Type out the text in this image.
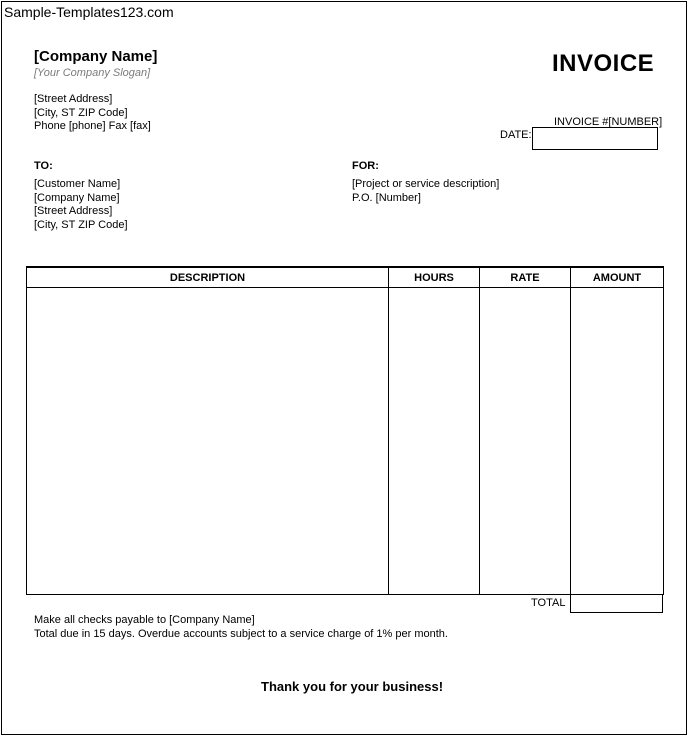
Sample-Templates123.com
[Company Name]
[Your Company Slogan]	INVOICE
[Street Address]
[City, ST ZIP Code]
Phone [phone] Fax [fax]	INVOICE #[NUMBER]
DATE:
TO:	FOR:
[Customer Name]
[Company Name]
[Street Address]
[City, ST ZIP Code]
[Project or service description]
P.O. [Number]
DESCRIPTION	HOURS	RATE	AMOUNT

TOTAL
Make all checks payable to [Company Name]
Total due in 15 days. Overdue accounts subject to a service charge of 1% per month.
Thank you for your business!
